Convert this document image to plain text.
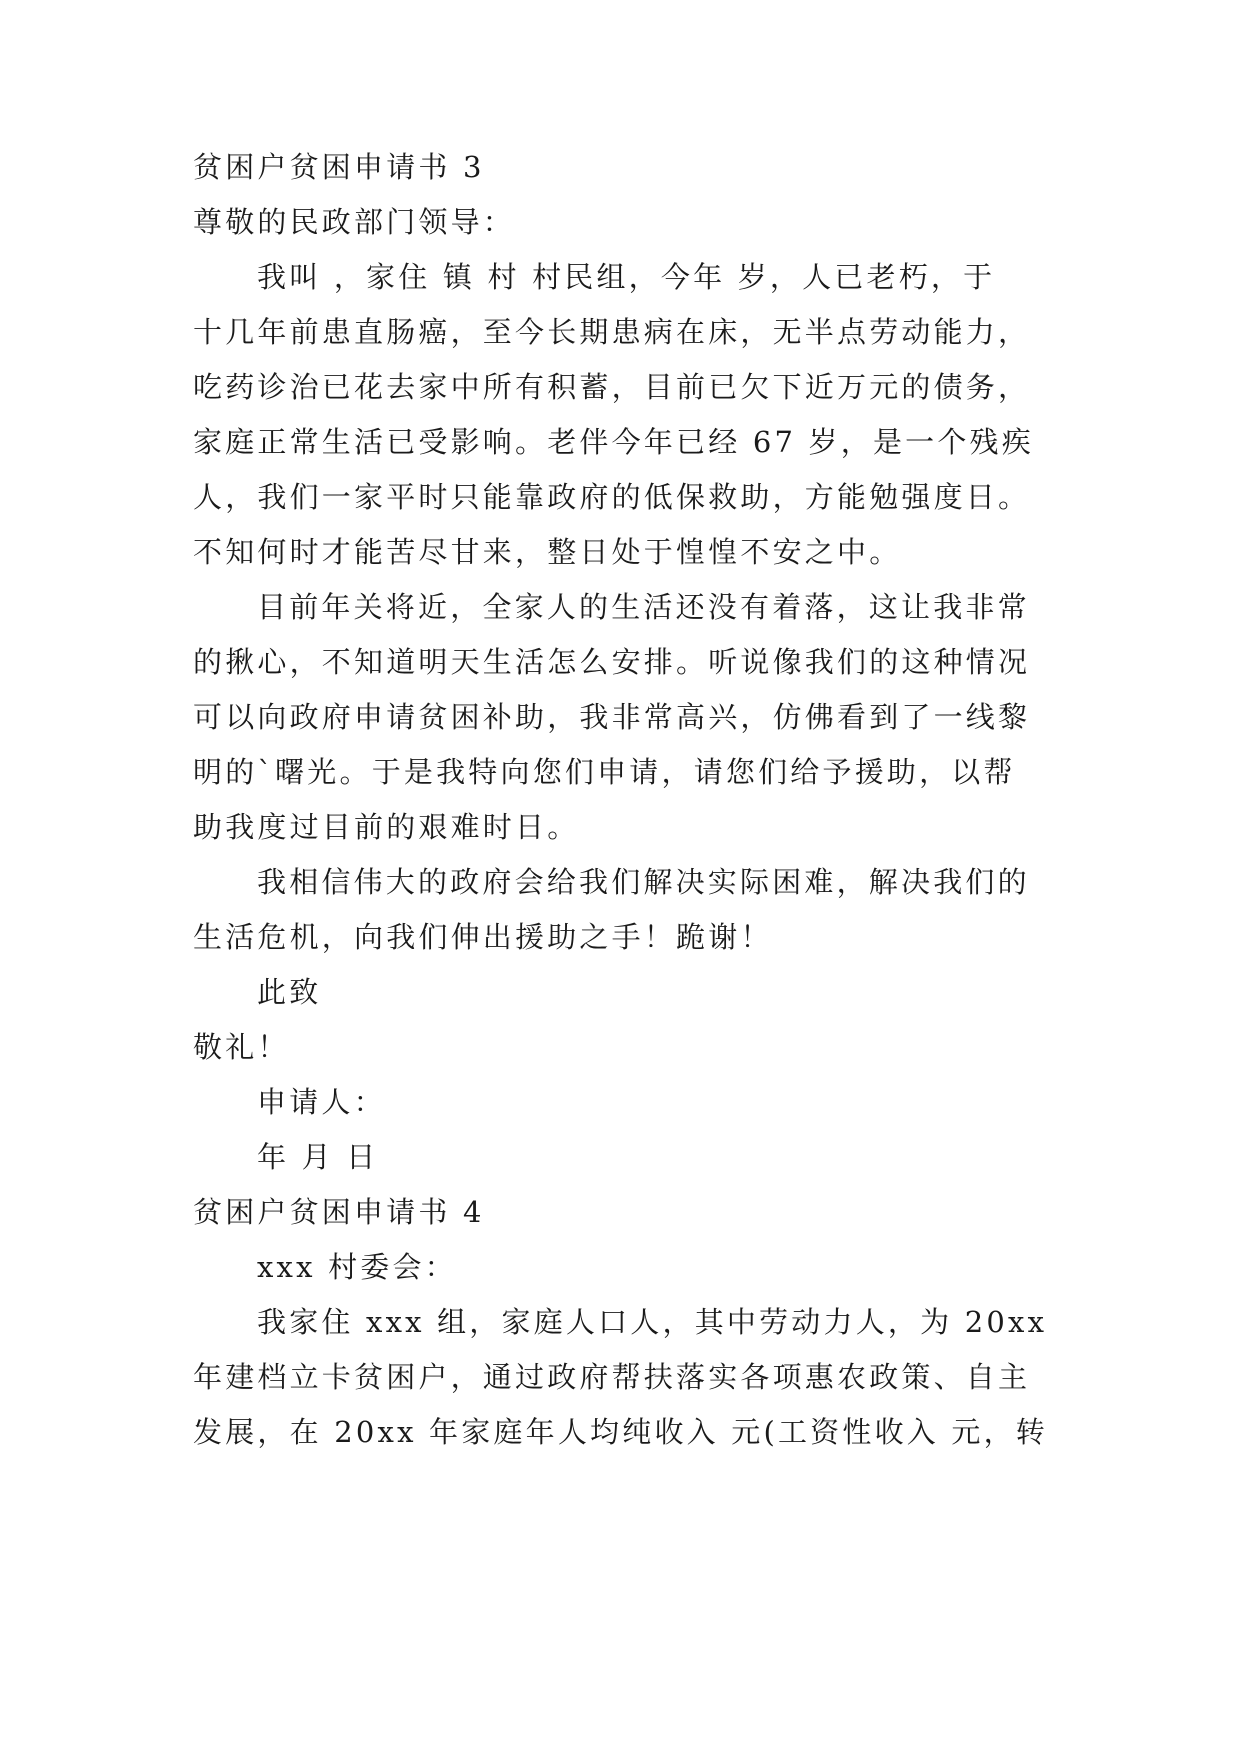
贫困户贫困申请书 3
尊敬的民政部门领导：
我叫 ，家住 镇 村 村民组，今年 岁，人已老朽，于
十几年前患直肠癌，至今长期患病在床，无半点劳动能力，
吃药诊治已花去家中所有积蓄，目前已欠下近万元的债务，
家庭正常生活已受影响。老伴今年已经 67 岁，是一个残疾
人，我们一家平时只能靠政府的低保救助，方能勉强度日。
不知何时才能苦尽甘来，整日处于惶惶不安之中。
目前年关将近，全家人的生活还没有着落，这让我非常
的揪心，不知道明天生活怎么安排。听说像我们的这种情况
可以向政府申请贫困补助，我非常高兴，仿佛看到了一线黎
明的`曙光。于是我特向您们申请，请您们给予援助，以帮
助我度过目前的艰难时日。
我相信伟大的政府会给我们解决实际困难，解决我们的
生活危机，向我们伸出援助之手！跪谢！
此致
敬礼！
申请人：
年 月 日
贫困户贫困申请书 4
xxx 村委会：
我家住 xxx 组，家庭人口人，其中劳动力人，为 20xx
年建档立卡贫困户，通过政府帮扶落实各项惠农政策、自主
发展，在 20xx 年家庭年人均纯收入 元(工资性收入 元，转
